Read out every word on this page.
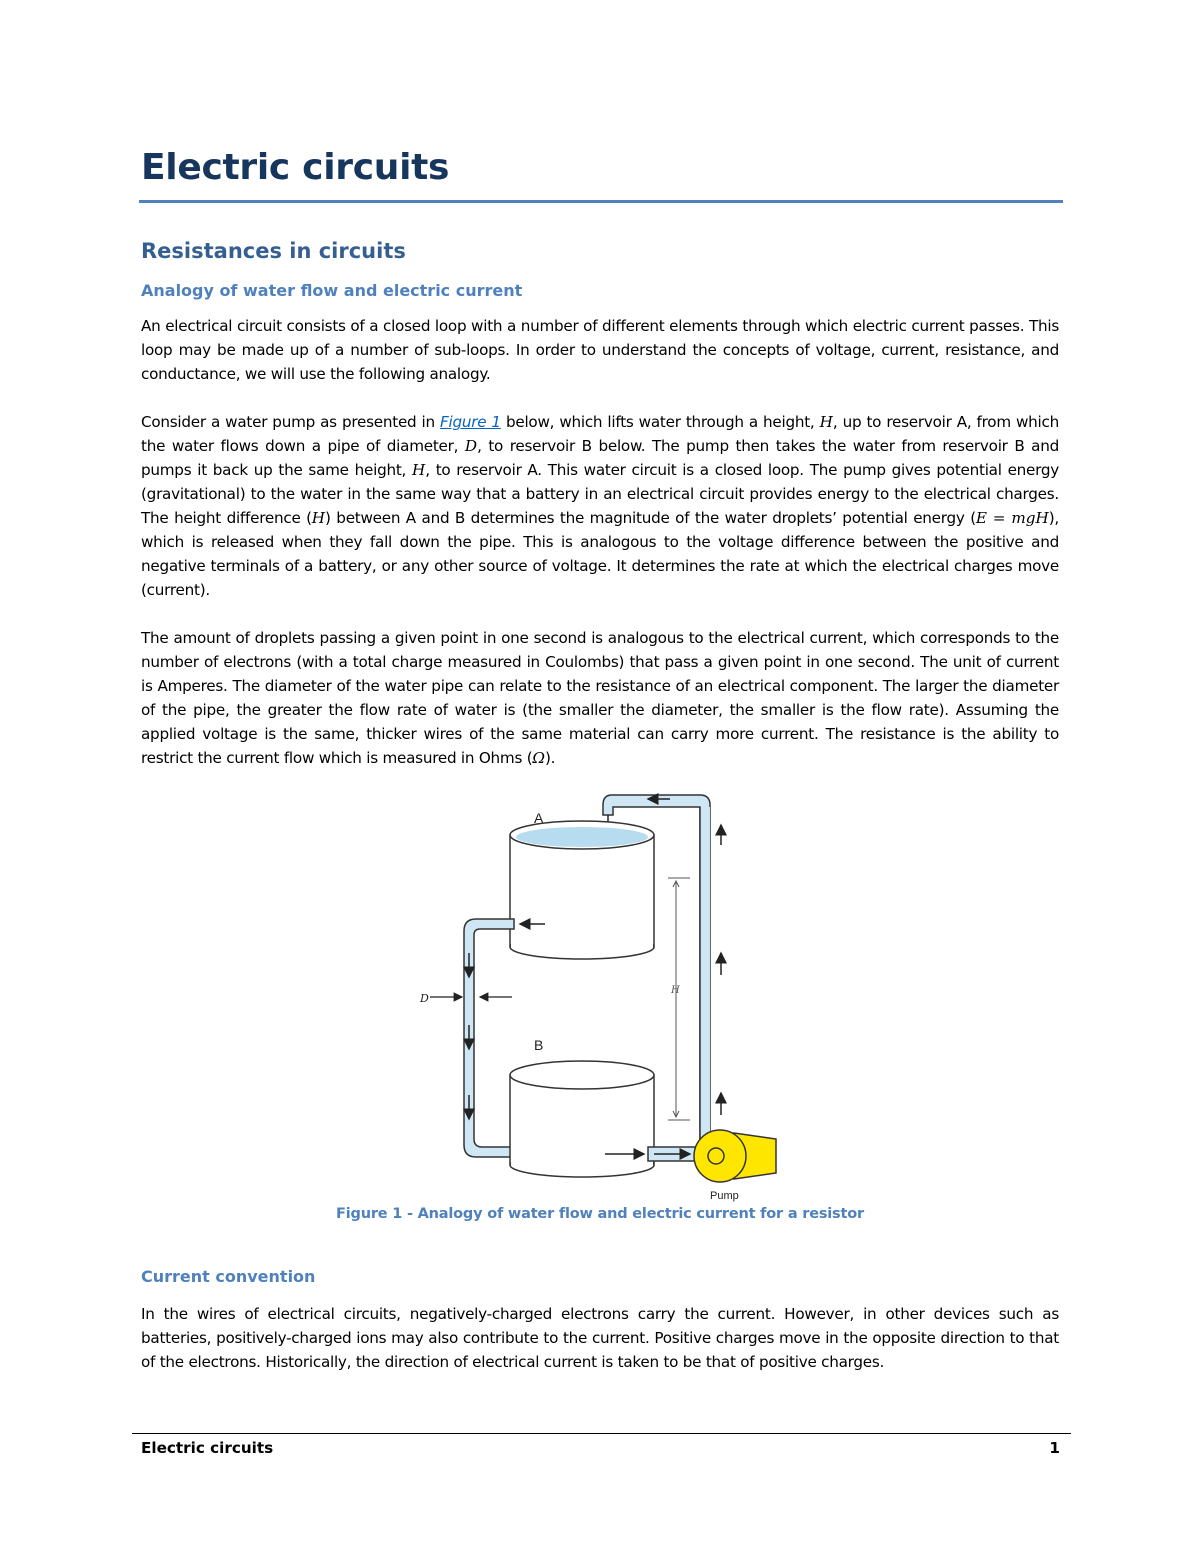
Electric circuits
Resistances in circuits
Analogy of water flow and electric current

An electrical circuit consists of a closed loop with a number of different elements through which electric current passes. This loop may be made up of a number of sub-loops. In order to understand the concepts of voltage, current, resistance, and conductance, we will use the following analogy.

Consider a water pump as presented in Figure 1 below, which lifts water through a height, H, up to reservoir A, from which the water flows down a pipe of diameter, D, to reservoir B below. The pump then takes the water from reservoir B and pumps it back up the same height, H, to reservoir A. This water circuit is a closed loop. The pump gives potential energy (gravitational) to the water in the same way that a battery in an electrical circuit provides energy to the electrical charges. The height difference (H) between A and B determines the magnitude of the water droplets’ potential energy (E = mgH), which is released when they fall down the pipe. This is analogous to the voltage difference between the positive and negative terminals of a battery, or any other source of voltage. It determines the rate at which the electrical charges move (current).

The amount of droplets passing a given point in one second is analogous to the electrical current, which corresponds to the number of electrons (with a total charge measured in Coulombs) that pass a given point in one second. The unit of current is Amperes. The diameter of the water pipe can relate to the resistance of an electrical component. The larger the diameter of the pipe, the greater the flow rate of water is (the smaller the diameter, the smaller is the flow rate). Assuming the applied voltage is the same, thicker wires of the same material can carry more current. The resistance is the ability to restrict the current flow which is measured in Ohms (Ω).

A
D
B
H
Pump
Figure 1 - Analogy of water flow and electric current for a resistor
Current convention

In the wires of electrical circuits, negatively-charged electrons carry the current. However, in other devices such as batteries, positively-charged ions may also contribute to the current. Positive charges move in the opposite direction to that of the electrons. Historically, the direction of electrical current is taken to be that of positive charges.

Electric circuits	1
